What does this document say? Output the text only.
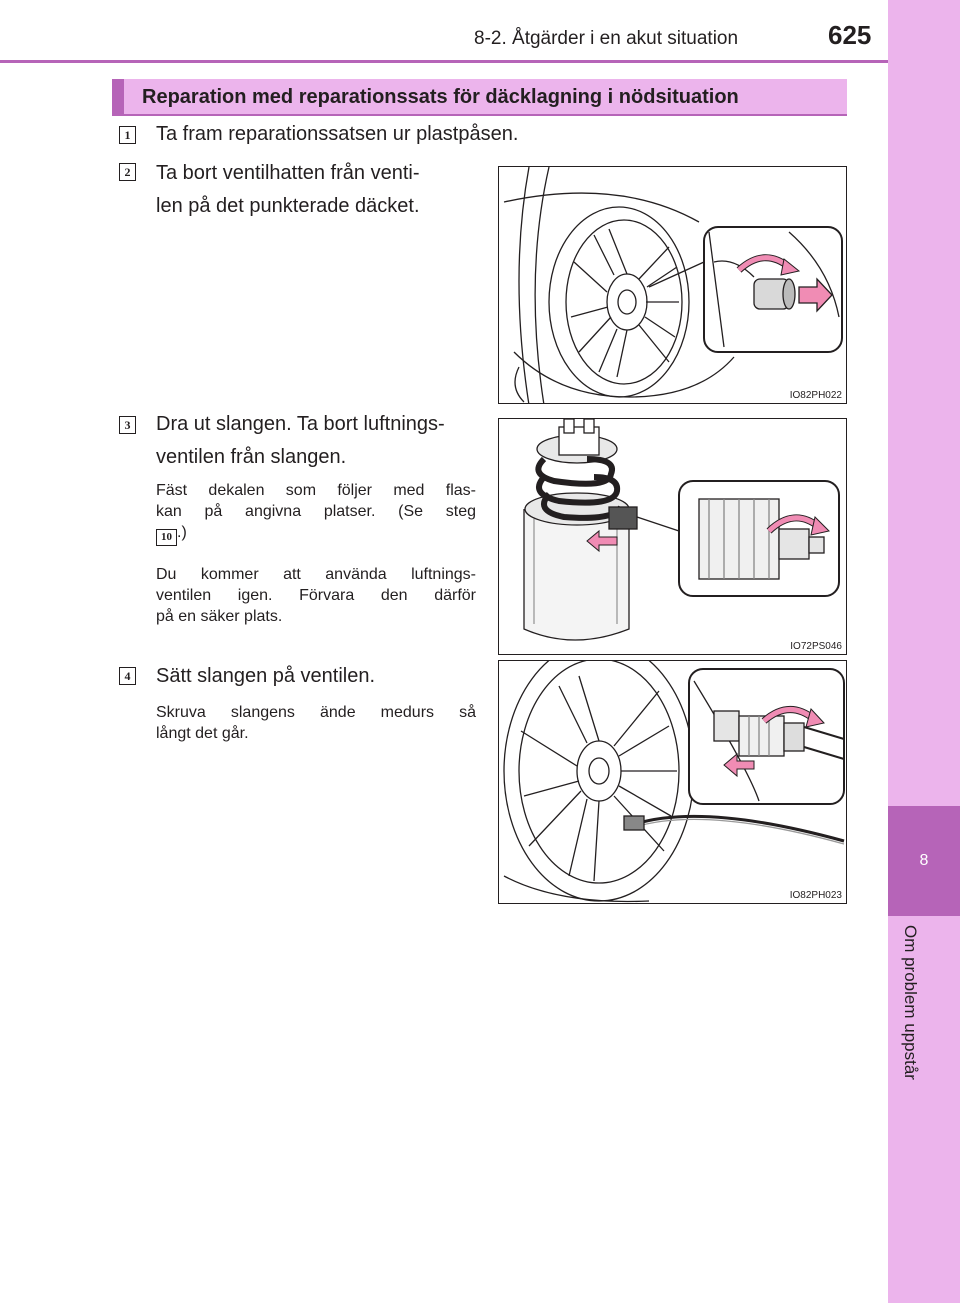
8
Om problem uppstår
8-2. Åtgärder i en akut situation	625
Reparation med reparationssats för däcklagning i nödsituation
1 Ta fram reparationssatsen ur plastpåsen.
2 Ta bort ventilhatten från venti-
len på det punkterade däcket.
IO82PH022
3 Dra ut slangen. Ta bort luftnings-
ventilen från slangen.
Fäst dekalen som följer med flas-
kan på angivna platser. (Se steg
10 .)
Du kommer att använda luftnings-
ventilen igen. Förvara den därför
på en säker plats.
IO72PS046
4 Sätt slangen på ventilen.
Skruva slangens ände medurs så
långt det går.
IO82PH023
